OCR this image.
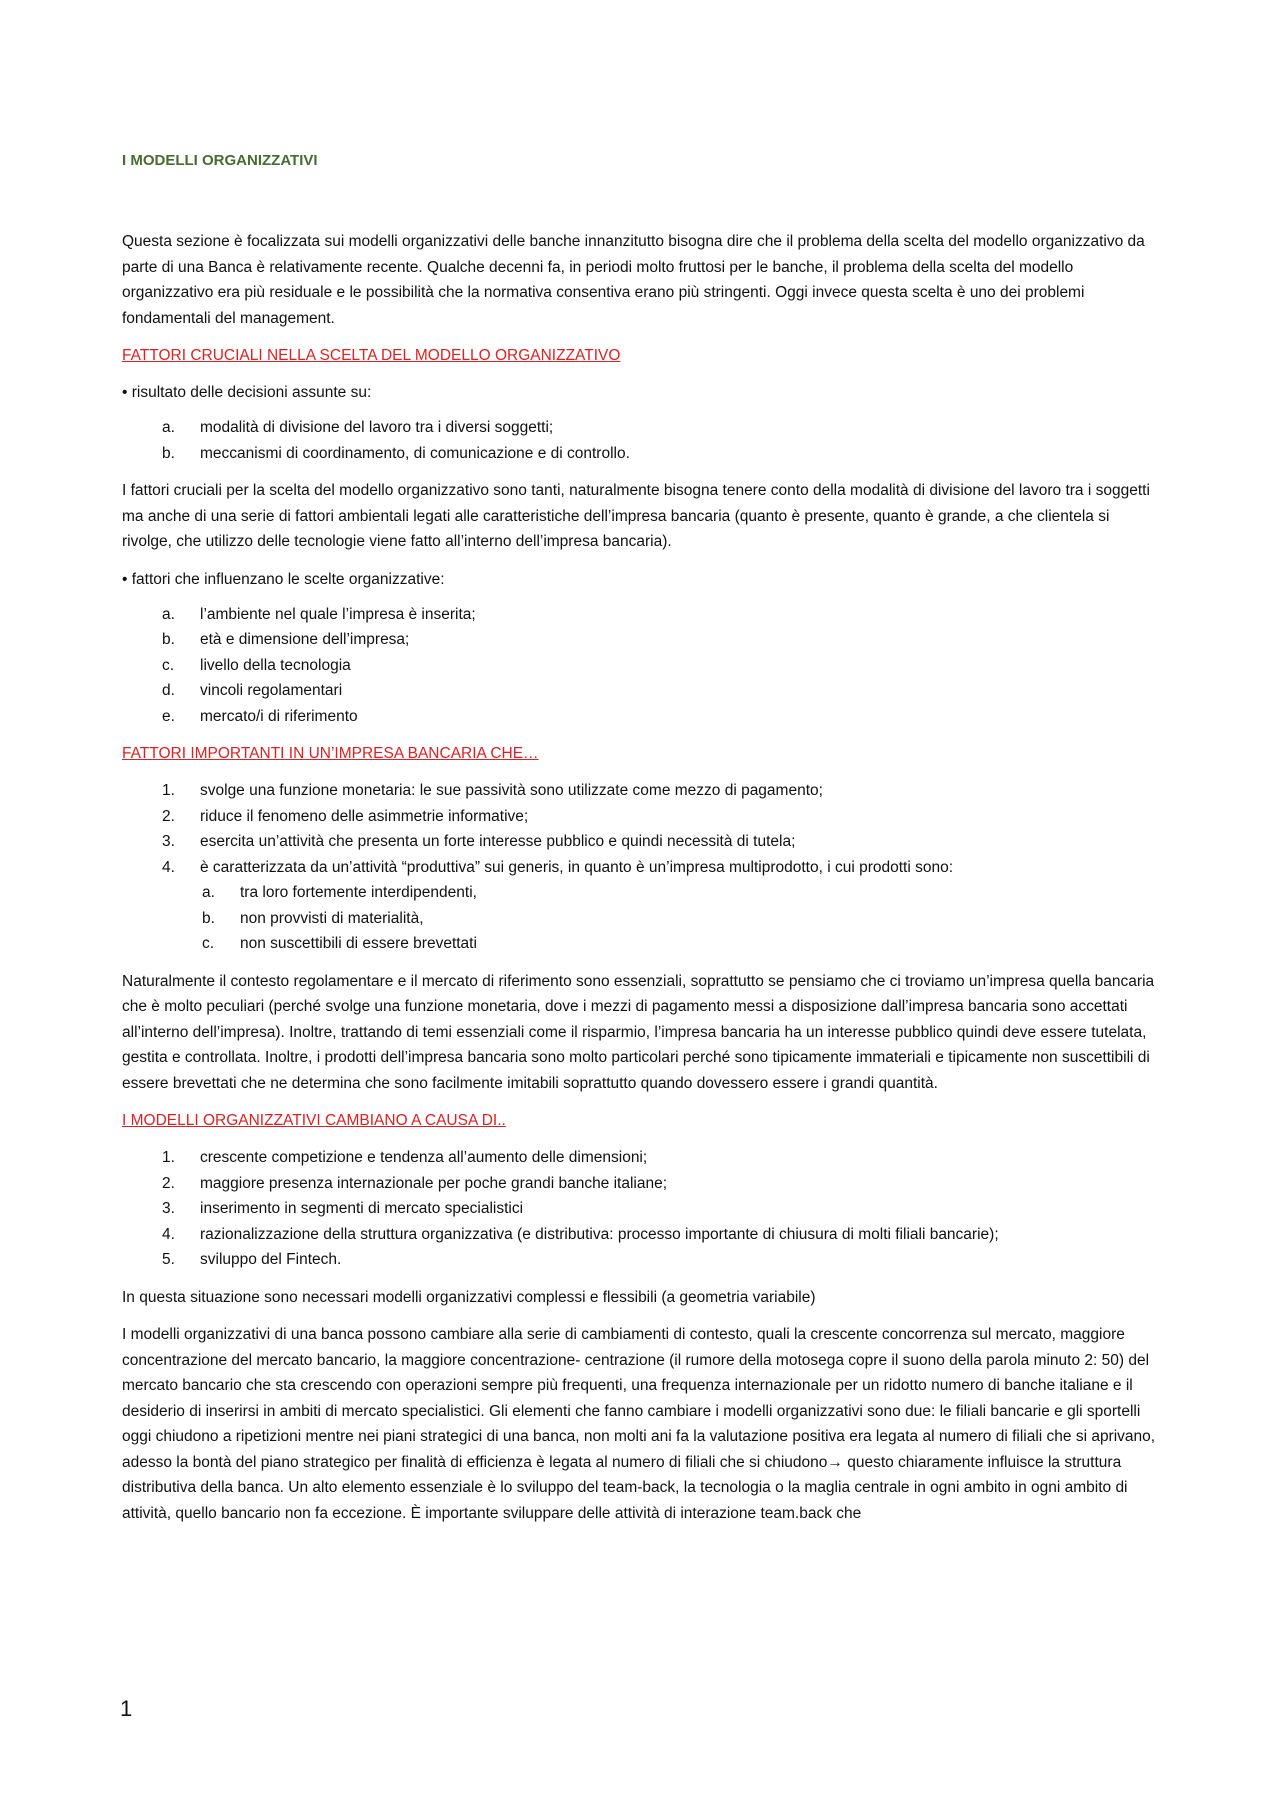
I MODELLI ORGANIZZATIVI

Questa sezione è focalizzata sui modelli organizzativi delle banche innanzitutto bisogna dire che il problema della scelta del modello organizzativo da parte di una Banca è relativamente recente. Qualche decenni fa, in periodi molto fruttosi per le banche, il problema della scelta del modello organizzativo era più residuale e le possibilità che la normativa consentiva erano più stringenti. Oggi invece questa scelta è uno dei problemi fondamentali del management.

FATTORI CRUCIALI NELLA SCELTA DEL MODELLO ORGANIZZATIVO
• risultato delle decisioni assunte su:
a. modalità di divisione del lavoro tra i diversi soggetti;
b. meccanismi di coordinamento, di comunicazione e di controllo.

I fattori cruciali per la scelta del modello organizzativo sono tanti, naturalmente bisogna tenere conto della modalità di divisione del lavoro tra i soggetti ma anche di una serie di fattori ambientali legati alle caratteristiche dell’impresa bancaria (quanto è presente, quanto è grande, a che clientela si rivolge, che utilizzo delle tecnologie viene fatto all’interno dell’impresa bancaria).

• fattori che influenzano le scelte organizzative:
a. l’ambiente nel quale l’impresa è inserita;
b. età e dimensione dell’impresa;
c. livello della tecnologia
d. vincoli regolamentari
e. mercato/i di riferimento
FATTORI IMPORTANTI IN UN’IMPRESA BANCARIA CHE…
1. svolge una funzione monetaria: le sue passività sono utilizzate come mezzo di pagamento;
2. riduce il fenomeno delle asimmetrie informative;
3. esercita un’attività che presenta un forte interesse pubblico e quindi necessità di tutela;
4. è caratterizzata da un’attività “produttiva” sui generis, in quanto è un’impresa multiprodotto, i cui prodotti sono:
a. tra loro fortemente interdipendenti,
b. non provvisti di materialità,
c. non suscettibili di essere brevettati

Naturalmente il contesto regolamentare e il mercato di riferimento sono essenziali, soprattutto se pensiamo che ci troviamo un’impresa quella bancaria che è molto peculiari (perché svolge una funzione monetaria, dove i mezzi di pagamento messi a disposizione dall’impresa bancaria sono accettati all’interno dell’impresa). Inoltre, trattando di temi essenziali come il risparmio, l’impresa bancaria ha un interesse pubblico quindi deve essere tutelata, gestita e controllata. Inoltre, i prodotti dell’impresa bancaria sono molto particolari perché sono tipicamente immateriali e tipicamente non suscettibili di essere brevettati che ne determina che sono facilmente imitabili soprattutto quando dovessero essere i grandi quantità.

I MODELLI ORGANIZZATIVI CAMBIANO A CAUSA DI..
1. crescente competizione e tendenza all’aumento delle dimensioni;
2. maggiore presenza internazionale per poche grandi banche italiane;
3. inserimento in segmenti di mercato specialistici
4. razionalizzazione della struttura organizzativa (e distributiva: processo importante di chiusura di molti filiali bancarie);
5. sviluppo del Fintech.

In questa situazione sono necessari modelli organizzativi complessi e flessibili (a geometria variabile)

I modelli organizzativi di una banca possono cambiare alla serie di cambiamenti di contesto, quali la crescente concorrenza sul mercato, maggiore concentrazione del mercato bancario, la maggiore concentrazione- centrazione (il rumore della motosega copre il suono della parola minuto 2: 50) del mercato bancario che sta crescendo con operazioni sempre più frequenti, una frequenza internazionale per un ridotto numero di banche italiane e il desiderio di inserirsi in ambiti di mercato specialistici. Gli elementi che fanno cambiare i modelli organizzativi sono due: le filiali bancarie e gli sportelli oggi chiudono a ripetizioni mentre nei piani strategici di una banca, non molti ani fa la valutazione positiva era legata al numero di filiali che si aprivano, adesso la bontà del piano strategico per finalità di efficienza è legata al numero di filiali che si chiudono→ questo chiaramente influisce la struttura distributiva della banca. Un alto elemento essenziale è lo sviluppo del team-back, la tecnologia o la maglia centrale in ogni ambito in ogni ambito di attività, quello bancario non fa eccezione. È importante sviluppare delle attività di interazione team.back che

1
